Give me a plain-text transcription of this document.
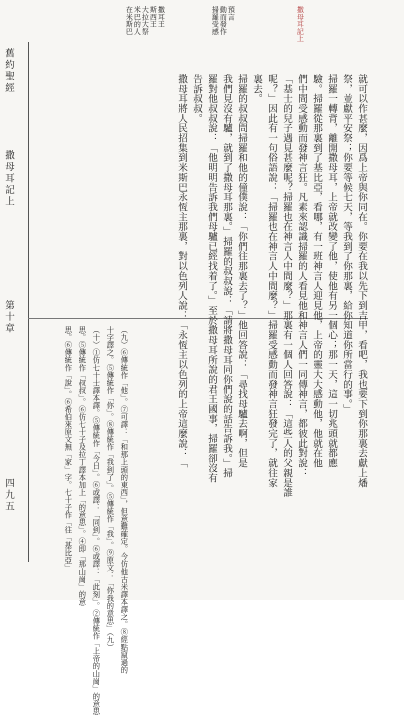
在米斯巴 米巴的人 大拉大祭 斯西王 撒耳王	掃羅受感 動而發作 預言	撒母耳記上
舊約聖經
撒母耳記上
第十章
四九五
就可以作甚麼，因爲上帝與你同在。你要在我以先下到吉甲，看吧，我也要下到你那裏去獻上燔
祭，並獻平安祭；你要等候七天，等我到了你那裏，給你知道你所當行的事。」
掃羅一轉背，離開撒母耳，上帝就改變了他，使他有另一個心；那一天，這一切兆頭就都應
驗。掃羅從那裏到了基比亞，看哪，有一班神言人迎見他，上帝的靈大大感動他，他就在他
們中間受感動而發神言狂。凡素來認識掃羅的人看見他和神言人們一同傳神言，都彼此對說：
「基士的兒子遇見甚麼呢？掃羅也在神言人中間麼？」那裏有一個人回答說：「這些人的父親是誰
呢？」因此有一句俗語說：「掃羅也在神言人中間麼？」掃羅受感動而發神言狂發完了，就往家
裏去。
掃羅的叔叔問掃羅和他的僮僕說：「你們往那裏去了？」他回答說：「尋找母驢去啊，但是
我們見沒有驢，就到了撒母耳那裏。」掃羅的叔叔說：「請將撒母耳同你們說的話告訴我。」掃
羅對他叔叔說：「他明明告訴我們母驢已經找着了。」至於撒母耳所說的君王國事，掃羅卻沒有
告訴叔叔。
撒母耳將人民招集到米斯巴永恆主那裏，對以色列人說：「永恆主以色列的上帝這麼說：「
（九）⑥傳統作「他」。⑦可譯：「和那上頭的東西」，但意難確定。今仿他古米譯本譯之。⑧經點竄過的
十字譯之。⑤傳統作「你」。⑧傳統作「我到了」。⑤傳統作「我」。⑨原文：「你我的意思」（九）
（十）①仿七十士譯本譯。⑤傳統作「今日」。⑥或譯：「同到」。⑥或譯：「此刻」。②傳統作「上帝的山崗」的意思
思。⑤傳統作「叔叔」。⑥仿七十子及拉丁譯本加上「的意思」。④即「那山崗」的意
思。⑥傳統作「說」。⑥希伯來原文無「家」字。七十子作「往「基比亞」
